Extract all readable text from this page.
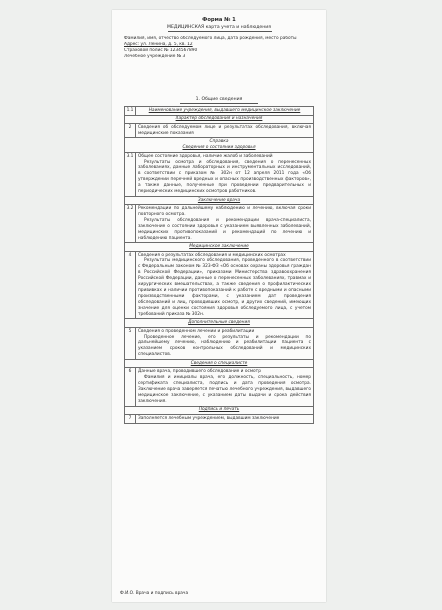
Форма № 1
МЕДИЦИНСКАЯ карта учета и наблюдения
Фамилия, имя, отчество обследуемого лица, дата рождения, место работы
Адрес: ул. Ленина, д. 5, кв. 12
Страховой полис № 1234567890
Лечебное учреждение № 3
1. Общие сведения
1.1	Наименование учреждения, выдавшего медицинское заключение
Характер обследования и назначения	
2	Сведения об обследуемом лице и результатах обследования, включая медицинские показания

Справка
Сведения о состоянии здоровья	

3.1	Общее состояние здоровья, наличие жалоб и заболеваний

Результаты осмотра и обследования, сведения о перенесенных заболеваниях, данные лабораторных и инструментальных исследований, в соответствии с приказом № 302н от 12 апреля 2011 года «Об утверждении перечней вредных и опасных производственных факторов», а также данные, полученные при проведении предварительных и периодических медицинских осмотров работников.

Заключение врача	
3.2	Рекомендации по дальнейшему наблюдению и лечению, включая сроки повторного осмотра.

Результаты обследования и рекомендации врача-специалиста, заключение о состоянии здоровья с указанием выявленных заболеваний, медицинских противопоказаний и рекомендаций по лечению и наблюдению пациента.

Медицинское заключение	
4	Сведения о результатах обследования и медицинских осмотрах

Результаты медицинского обследования, проведенного в соответствии с Федеральным законом № 323-ФЗ «Об основах охраны здоровья граждан в Российской Федерации», приказами Министерства здравоохранения Российской Федерации, данные о перенесенных заболеваниях, травмах и хирургических вмешательствах, а также сведения о профилактических прививках и наличии противопоказаний к работе с вредными и опасными производственными факторами, с указанием дат проведения обследований и лиц, проводивших осмотр, и других сведений, имеющих значение для оценки состояния здоровья обследуемого лица, с учетом требований приказа № 302н.

Дополнительные сведения	
5	Сведения о проведенном лечении и реабилитации

Проведенное лечение, его результаты и рекомендации по дальнейшему лечению, наблюдению и реабилитации пациента с указанием сроков контрольных обследований и медицинских специалистов.

Сведения о специалисте	
6	Данные врача, проводившего обследование и осмотр

Фамилия и инициалы врача, его должность, специальность, номер сертификата специалиста, подпись и дата проведения осмотра. Заключение врача заверяется печатью лечебного учреждения, выдавшего медицинское заключение, с указанием даты выдачи и срока действия заключения.

Подпись и печать	
7	Заполняется лечебным учреждением, выдавшим заключение

Ф.И.О. Врача и подпись врача
